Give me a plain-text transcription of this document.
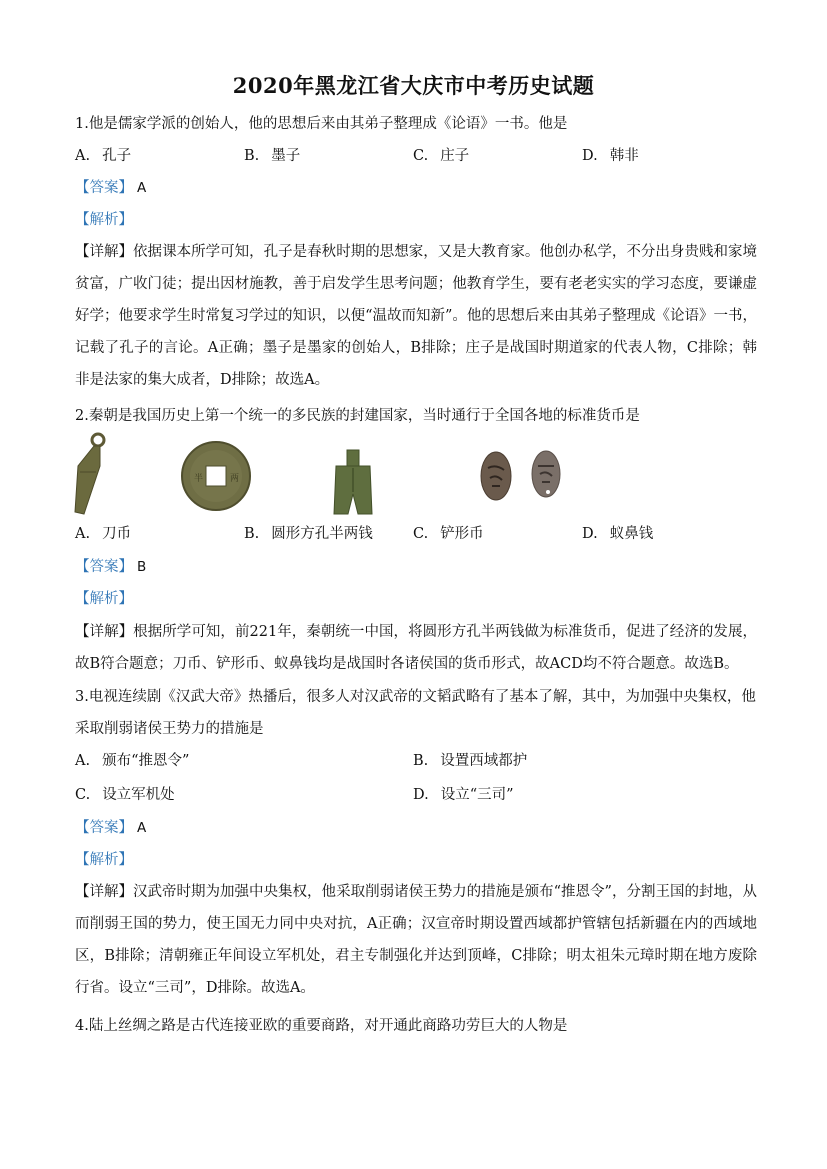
2020年黑龙江省大庆市中考历史试题
1.他是儒家学派的创始人，他的思想后来由其弟子整理成《论语》一书。他是
A. 孔子	B. 墨子	C. 庄子	D. 韩非
【答案】 A
【解析】
【详解】依据课本所学可知，孔子是春秋时期的思想家，又是大教育家。他创办私学，不分出身贵贱和家境贫富，广收门徒；提出因材施教，善于启发学生思考问题；他教育学生，要有老老实实的学习态度，要谦虚好学；他要求学生时常复习学过的知识，以便“温故而知新”。他的思想后来由其弟子整理成《论语》一书，记载了孔子的言论。A正确；墨子是墨家的创始人，B排除；庄子是战国时期道家的代表人物，C排除；韩非是法家的集大成者，D排除；故选A。
2.秦朝是我国历史上第一个统一的多民族的封建国家，当时通行于全国各地的标准货币是
半	两
A. 刀币	B. 圆形方孔半两钱	C. 铲形币	D. 蚁鼻钱
【答案】 B
【解析】
【详解】根据所学可知，前221年，秦朝统一中国，将圆形方孔半两钱做为标准货币，促进了经济的发展，故B符合题意；刀币、铲形币、蚁鼻钱均是战国时各诸侯国的货币形式，故ACD均不符合题意。故选B。
3.电视连续剧《汉武大帝》热播后，很多人对汉武帝的文韬武略有了基本了解，其中，为加强中央集权，他
采取削弱诸侯王势力的措施是
A. 颁布“推恩令”	B. 设置西域都护
C. 设立军机处	D. 设立“三司”
【答案】 A
【解析】
【详解】汉武帝时期为加强中央集权，他采取削弱诸侯王势力的措施是颁布“推恩令”，分割王国的封地，从而削弱王国的势力，使王国无力同中央对抗，A正确；汉宣帝时期设置西域都护管辖包括新疆在内的西域地区，B排除；清朝雍正年间设立军机处，君主专制强化并达到顶峰，C排除；明太祖朱元璋时期在地方废除行省。设立“三司”，D排除。故选A。
4.陆上丝绸之路是古代连接亚欧的重要商路，对开通此商路功劳巨大的人物是
